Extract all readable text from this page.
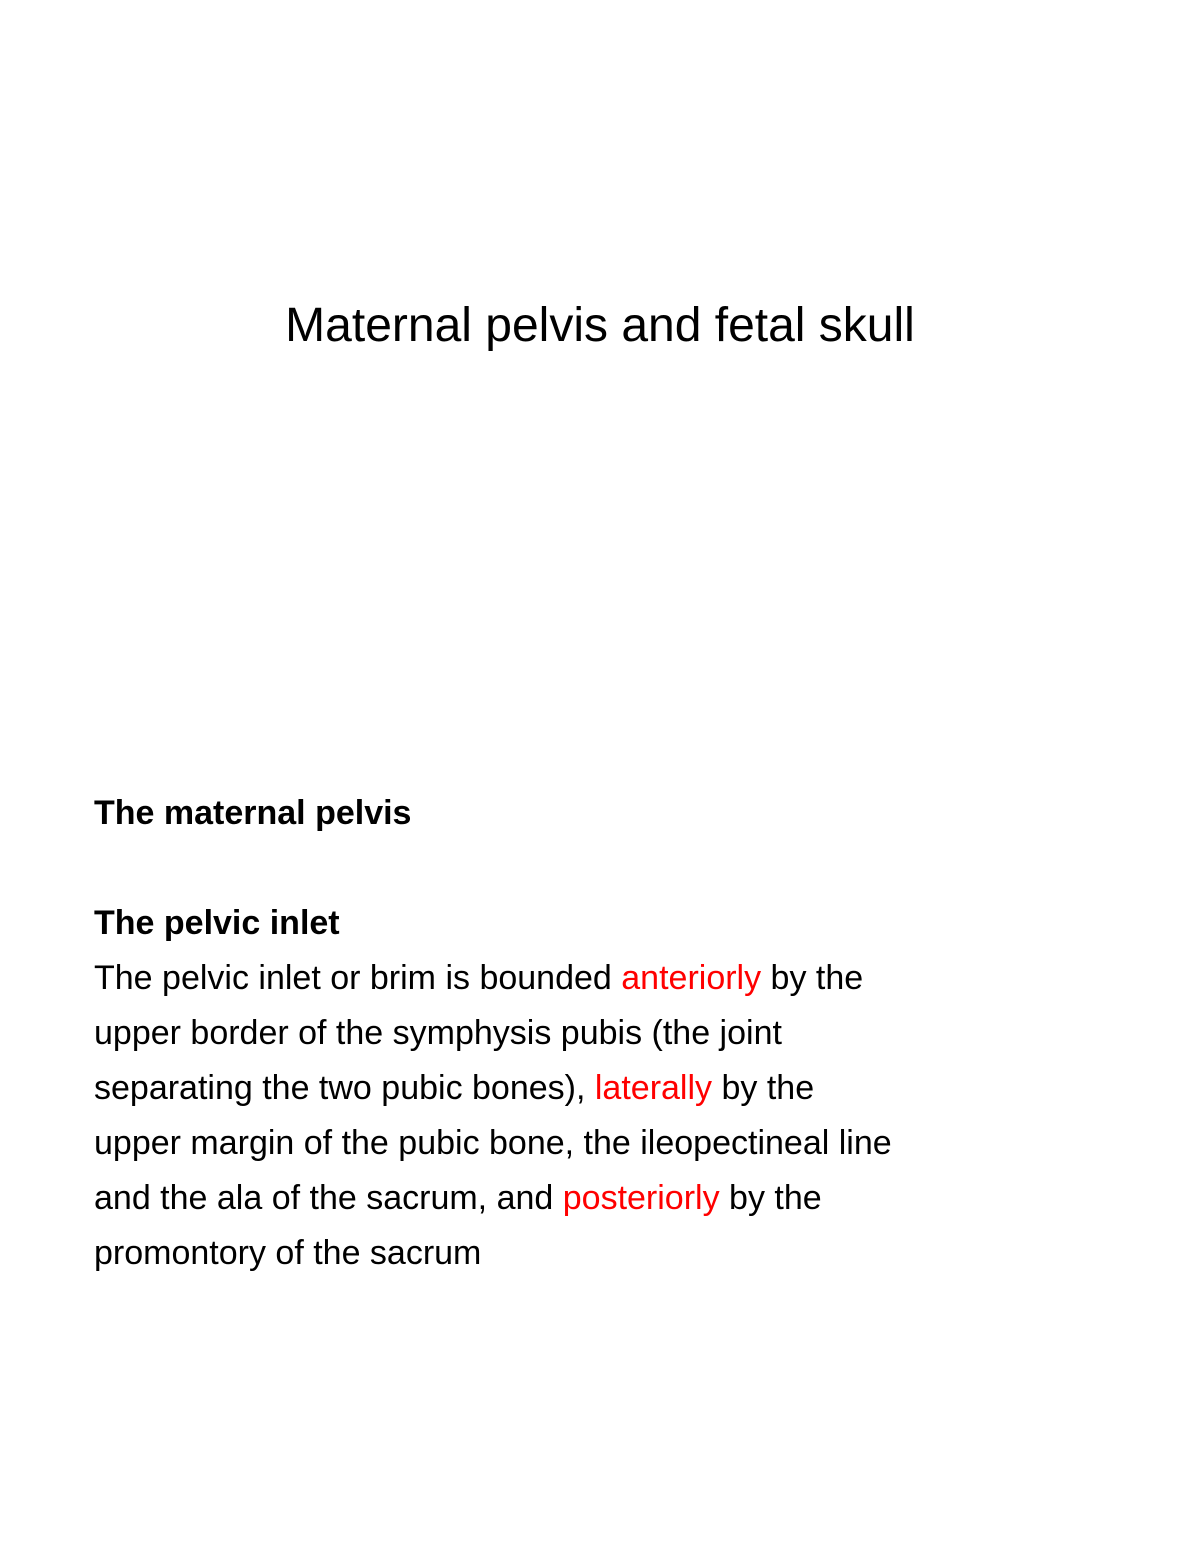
Maternal pelvis and fetal skull
The maternal pelvis
The pelvic inlet
The pelvic inlet or brim is bounded anteriorly by the
upper border of the symphysis pubis (the joint
separating the two pubic bones), laterally by the
upper margin of the pubic bone, the ileopectineal line
and the ala of the sacrum, and posteriorly by the
promontory of the sacrum
